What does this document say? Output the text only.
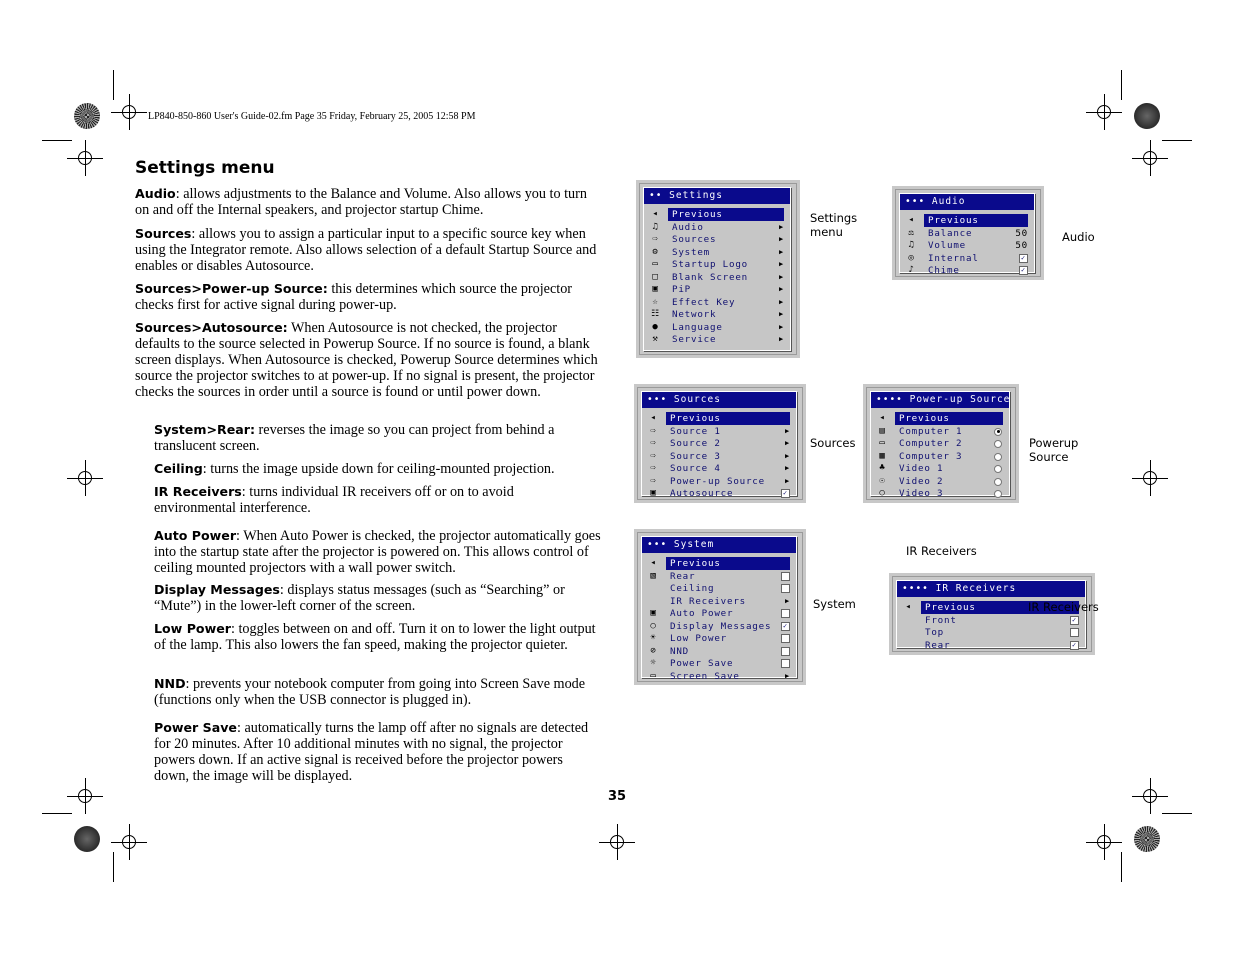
LP840-850-860 User's Guide-02.fm Page 35 Friday, February 25, 2005 12:58 PM
Settings menu

Audio: allows adjustments to the Balance and Volume. Also allows you to turn on and off the Internal speakers, and projector startup Chime.

Sources: allows you to assign a particular input to a specific source key when using the Integrator remote. Also allows selection of a default Startup Source and enables or disables Autosource.

Sources>Power-up Source: this determines which source the projector checks first for active signal during power-up.

Sources>Autosource: When Autosource is not checked, the projector defaults to the source selected in Powerup Source. If no source is found, a blank screen displays. When Autosource is checked, Powerup Source determines which source the projector switches to at power-up. If no signal is present, the projector checks the sources in order until a source is found or until power down.

System>Rear: reverses the image so you can project from behind a translucent screen.

Ceiling: turns the image upside down for ceiling-mounted projection.

IR Receivers: turns individual IR receivers off or on to avoid environmental interference.

Auto Power: When Auto Power is checked, the projector automatically goes into the startup state after the projector is powered on. This allows control of ceiling mounted projectors with a wall power switch.

Display Messages: displays status messages (such as “Searching” or “Mute”) in the lower-left corner of the screen.

Low Power: toggles between on and off. Turn it on to lower the light output of the lamp. This also lowers the fan speed, making the projector quieter.

NND: prevents your notebook computer from going into Screen Save mode (functions only when the USB connector is plugged in).

Power Save: automatically turns the lamp off after no signals are detected for 20 minutes. After 10 additional minutes with no signal, the projector powers down. If an active signal is received before the projector powers down, the image will be displayed.

35
•• Settings
◂	Previous
♫ Audio	▶
⇨ Sources	▶
⚙ System	▶
▭ Startup Logo	▶
□ Blank Screen	▶
▣ PiP	▶
☆ Effect Key	▶
☷ Network	▶
● Language	▶
⚒ Service	▶
••• Audio
◂	Previous
⚖ Balance	50
♫ Volume	50
◎ Internal	✓
♪ Chime	✓
••• Sources
◂	Previous
⇨ Source 1	▶
⇨ Source 2	▶
⇨ Source 3	▶
⇨ Source 4	▶
⇨ Power-up Source	▶
▣ Autosource	✓
•••• Power-up Source
◂	Previous
▤ Computer 1
▭ Computer 2
▦ Computer 3
♣ Video 1
☉ Video 2
○ Video 3
••• System
◂	Previous
▧ Rear
Ceiling
IR Receivers	▶
▣ Auto Power
○ Display Messages ✓
☀ Low Power
⊘ NND
☼ Power Save
▭ Screen Save	▶
•••• IR Receivers
◂	Previous
Front	✓
Top
Rear	✓
Settings
menu	Audio
Sources	Powerup
Source
System
IR Receivers
IR Receivers
